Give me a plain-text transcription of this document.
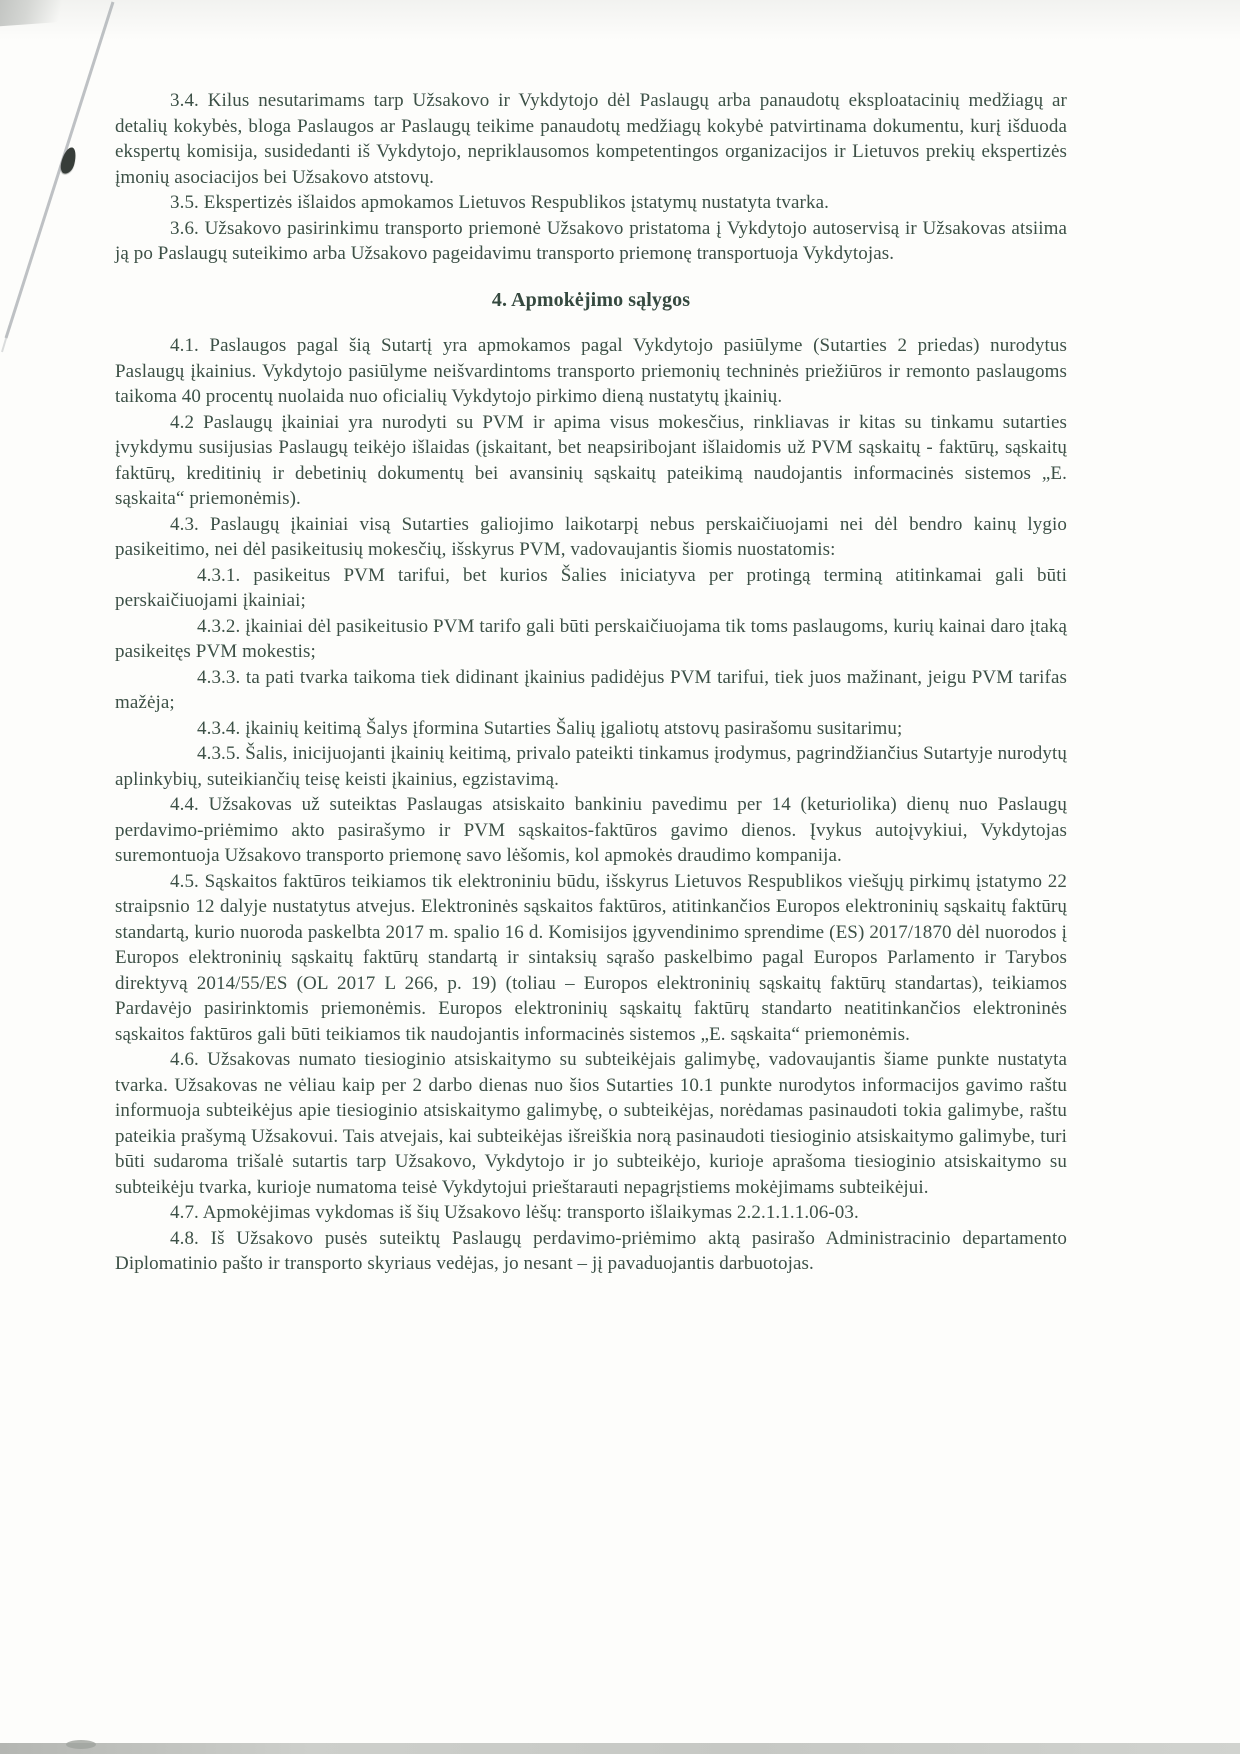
3.4. Kilus nesutarimams tarp Užsakovo ir Vykdytojo dėl Paslaugų arba panaudotų eksploatacinių medžiagų ar detalių kokybės, bloga Paslaugos ar Paslaugų teikime panaudotų medžiagų kokybė patvirtinama dokumentu, kurį išduoda ekspertų komisija, susidedanti iš Vykdytojo, nepriklausomos kompetentingos organizacijos ir Lietuvos prekių ekspertizės įmonių asociacijos bei Užsakovo atstovų.

3.5. Ekspertizės išlaidos apmokamos Lietuvos Respublikos įstatymų nustatyta tvarka.

3.6. Užsakovo pasirinkimu transporto priemonė Užsakovo pristatoma į Vykdytojo autoservisą ir Užsakovas atsiima ją po Paslaugų suteikimo arba Užsakovo pageidavimu transporto priemonę transportuoja Vykdytojas.

4. Apmokėjimo sąlygos

4.1. Paslaugos pagal šią Sutartį yra apmokamos pagal Vykdytojo pasiūlyme (Sutarties 2 priedas) nurodytus Paslaugų įkainius. Vykdytojo pasiūlyme neišvardintoms transporto priemonių techninės priežiūros ir remonto paslaugoms taikoma 40 procentų nuolaida nuo oficialių Vykdytojo pirkimo dieną nustatytų įkainių.

4.2 Paslaugų įkainiai yra nurodyti su PVM ir apima visus mokesčius, rinkliavas ir kitas su tinkamu sutarties įvykdymu susijusias Paslaugų teikėjo išlaidas (įskaitant, bet neapsiribojant išlaidomis už PVM sąskaitų - faktūrų, sąskaitų faktūrų, kreditinių ir debetinių dokumentų bei avansinių sąskaitų pateikimą naudojantis informacinės sistemos „E. sąskaita“ priemonėmis).

4.3. Paslaugų įkainiai visą Sutarties galiojimo laikotarpį nebus perskaičiuojami nei dėl bendro kainų lygio pasikeitimo, nei dėl pasikeitusių mokesčių, išskyrus PVM, vadovaujantis šiomis nuostatomis:

4.3.1. pasikeitus PVM tarifui, bet kurios Šalies iniciatyva per protingą terminą atitinkamai gali būti perskaičiuojami įkainiai;

4.3.2. įkainiai dėl pasikeitusio PVM tarifo gali būti perskaičiuojama tik toms paslaugoms, kurių kainai daro įtaką pasikeitęs PVM mokestis;

4.3.3. ta pati tvarka taikoma tiek didinant įkainius padidėjus PVM tarifui, tiek juos mažinant, jeigu PVM tarifas mažėja;

4.3.4. įkainių keitimą Šalys įformina Sutarties Šalių įgaliotų atstovų pasirašomu susitarimu;

4.3.5. Šalis, inicijuojanti įkainių keitimą, privalo pateikti tinkamus įrodymus, pagrindžiančius Sutartyje nurodytų aplinkybių, suteikiančių teisę keisti įkainius, egzistavimą.

4.4. Užsakovas už suteiktas Paslaugas atsiskaito bankiniu pavedimu per 14 (keturiolika) dienų nuo Paslaugų perdavimo-priėmimo akto pasirašymo ir PVM sąskaitos-faktūros gavimo dienos. Įvykus autoįvykiui, Vykdytojas suremontuoja Užsakovo transporto priemonę savo lėšomis, kol apmokės draudimo kompanija.

4.5. Sąskaitos faktūros teikiamos tik elektroniniu būdu, išskyrus Lietuvos Respublikos viešųjų pirkimų įstatymo 22 straipsnio 12 dalyje nustatytus atvejus. Elektroninės sąskaitos faktūros, atitinkančios Europos elektroninių sąskaitų faktūrų standartą, kurio nuoroda paskelbta 2017 m. spalio 16 d. Komisijos įgyvendinimo sprendime (ES) 2017/1870 dėl nuorodos į Europos elektroninių sąskaitų faktūrų standartą ir sintaksių sąrašo paskelbimo pagal Europos Parlamento ir Tarybos direktyvą 2014/55/ES (OL 2017 L 266, p. 19) (toliau – Europos elektroninių sąskaitų faktūrų standartas), teikiamos Pardavėjo pasirinktomis priemonėmis. Europos elektroninių sąskaitų faktūrų standarto neatitinkančios elektroninės sąskaitos faktūros gali būti teikiamos tik naudojantis informacinės sistemos „E. sąskaita“ priemonėmis.

4.6. Užsakovas numato tiesioginio atsiskaitymo su subteikėjais galimybę, vadovaujantis šiame punkte nustatyta tvarka. Užsakovas ne vėliau kaip per 2 darbo dienas nuo šios Sutarties 10.1 punkte nurodytos informacijos gavimo raštu informuoja subteikėjus apie tiesioginio atsiskaitymo galimybę, o subteikėjas, norėdamas pasinaudoti tokia galimybe, raštu pateikia prašymą Užsakovui. Tais atvejais, kai subteikėjas išreiškia norą pasinaudoti tiesioginio atsiskaitymo galimybe, turi būti sudaroma trišalė sutartis tarp Užsakovo, Vykdytojo ir jo subteikėjo, kurioje aprašoma tiesioginio atsiskaitymo su subteikėju tvarka, kurioje numatoma teisė Vykdytojui prieštarauti nepagrįstiems mokėjimams subteikėjui.

4.7. Apmokėjimas vykdomas iš šių Užsakovo lėšų: transporto išlaikymas 2.2.1.1.1.06-03.

4.8. Iš Užsakovo pusės suteiktų Paslaugų perdavimo-priėmimo aktą pasirašo Administracinio departamento Diplomatinio pašto ir transporto skyriaus vedėjas, jo nesant – jį pavaduojantis darbuotojas.
